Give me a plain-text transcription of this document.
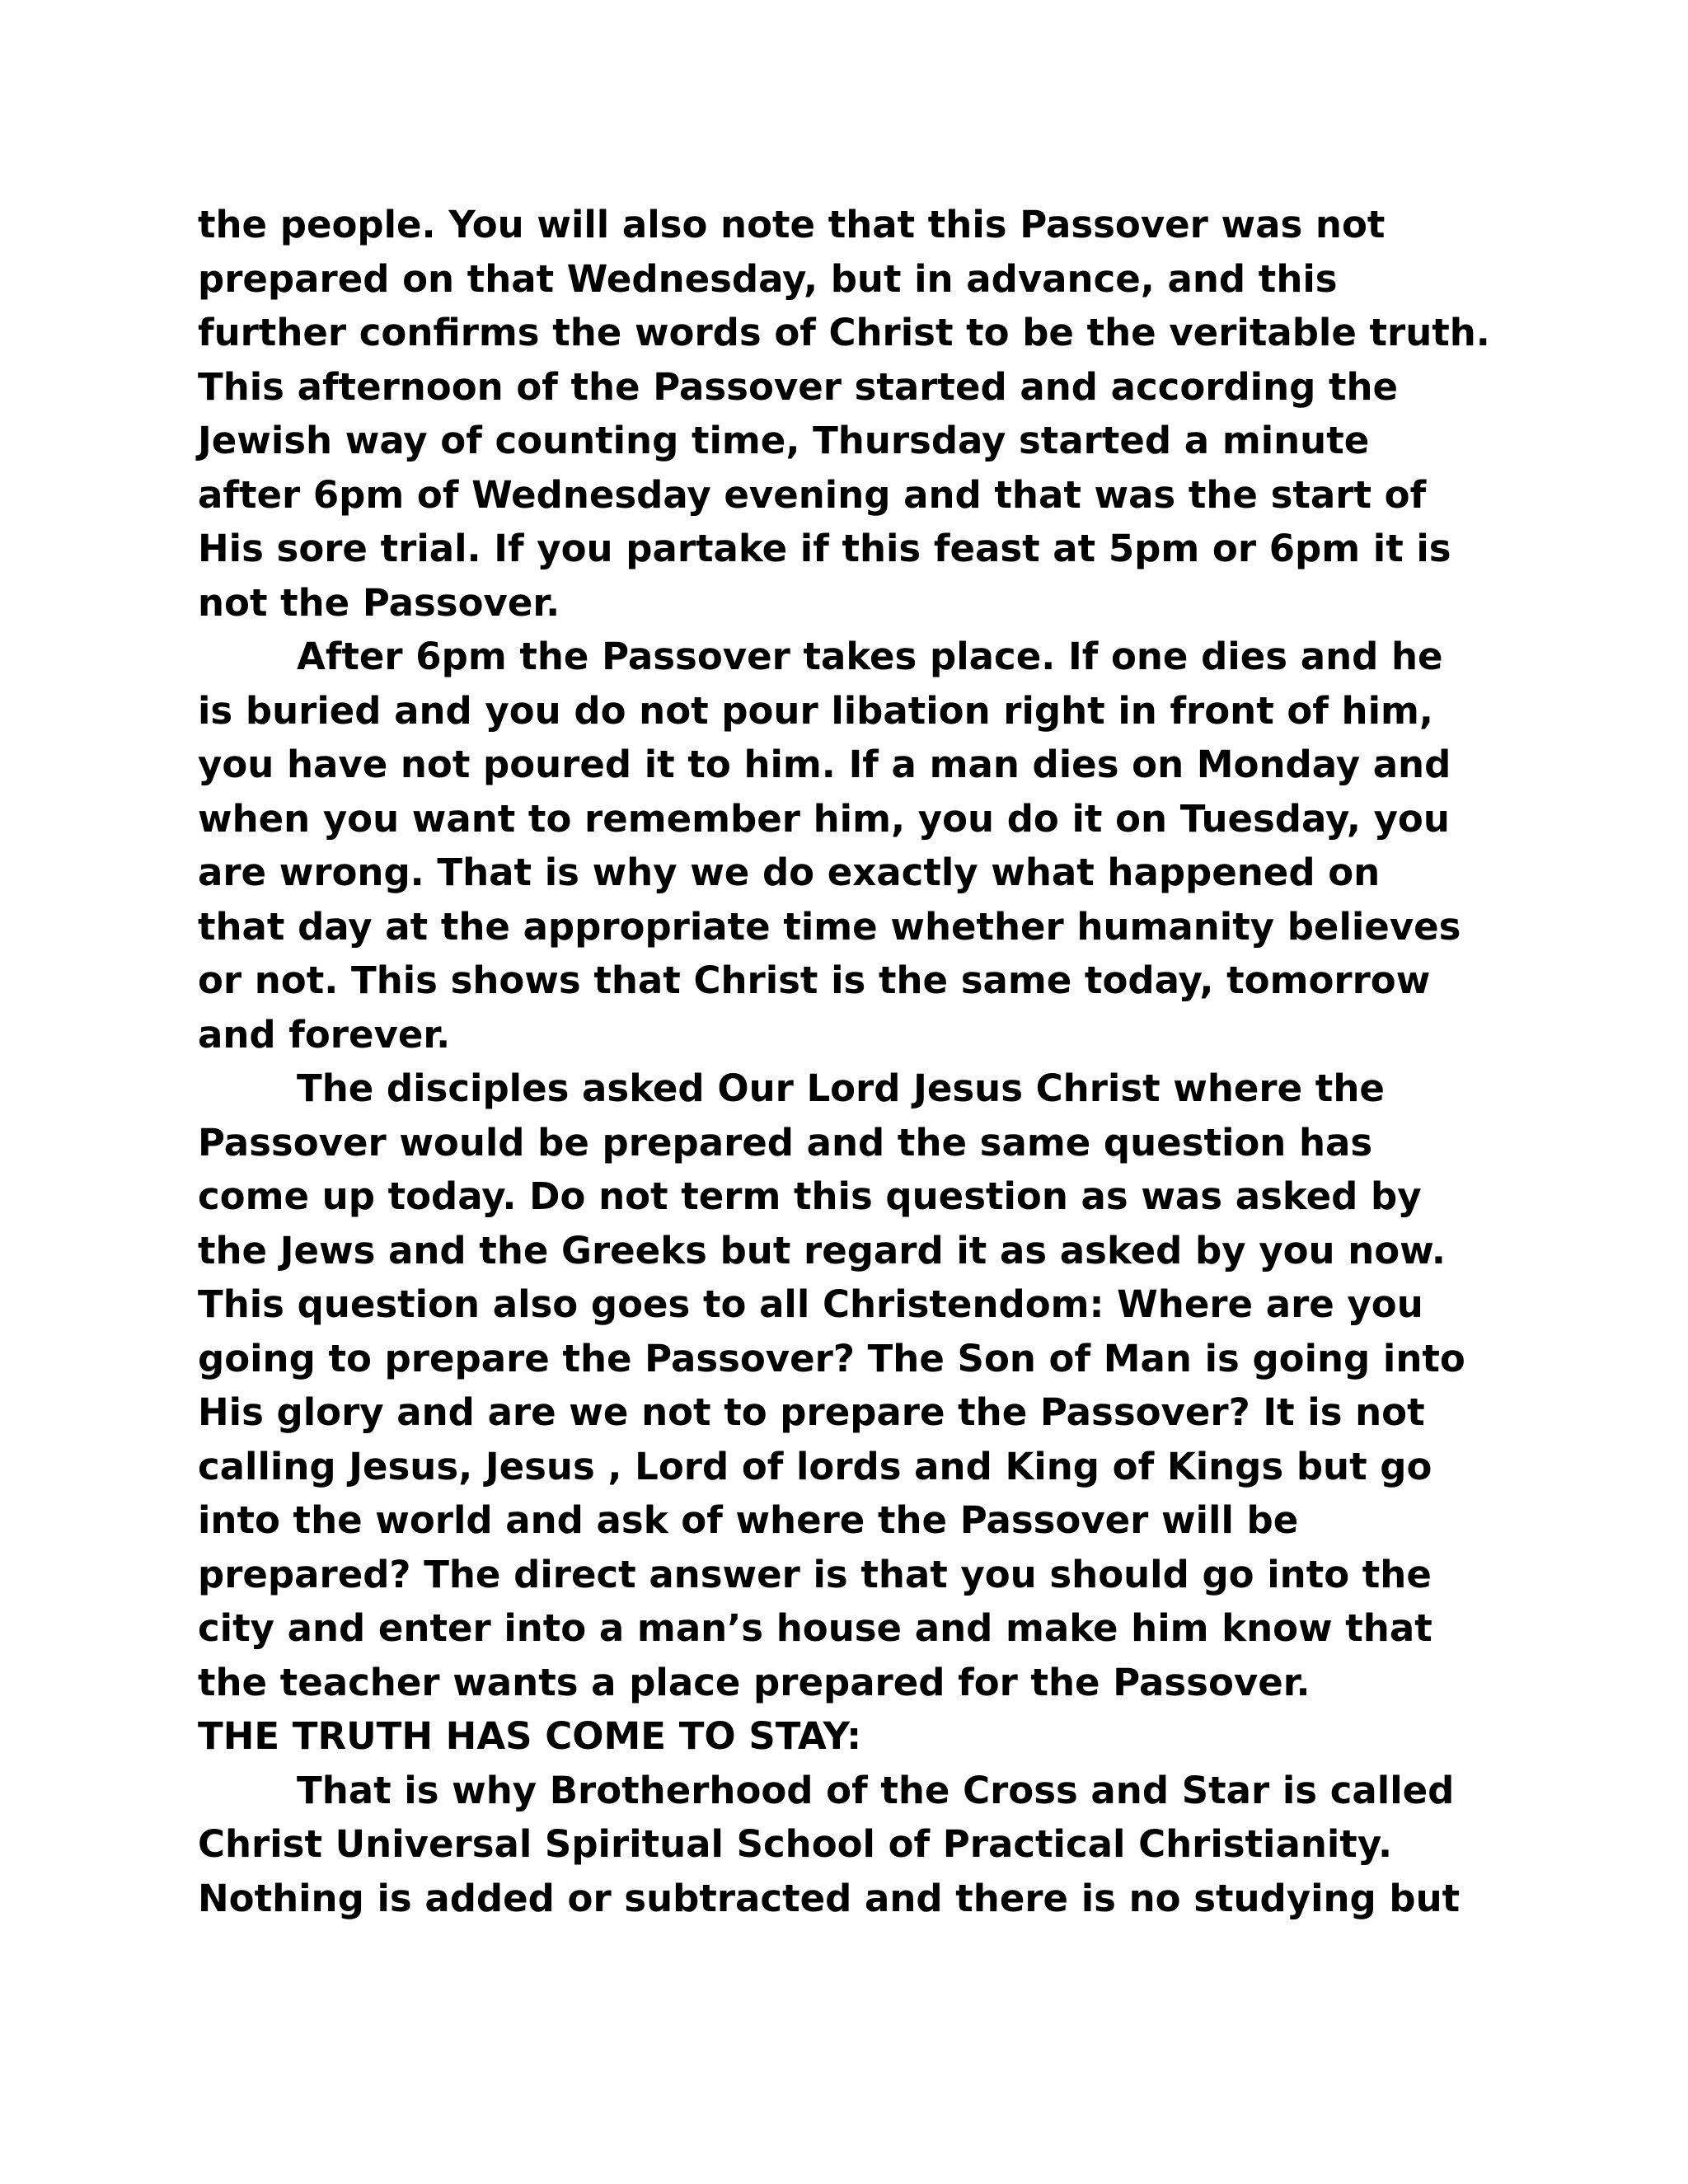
the people. You will also note that this Passover was not
prepared on that Wednesday, but in advance, and this
further confirms the words of Christ to be the veritable truth.
This afternoon of the Passover started and according the
Jewish way of counting time, Thursday started a minute
after 6pm of Wednesday evening and that was the start of
His sore trial. If you partake if this feast at 5pm or 6pm it is
not the Passover.
After 6pm the Passover takes place. If one dies and he
is buried and you do not pour libation right in front of him,
you have not poured it to him. If a man dies on Monday and
when you want to remember him, you do it on Tuesday, you
are wrong. That is why we do exactly what happened on
that day at the appropriate time whether humanity believes
or not. This shows that Christ is the same today, tomorrow
and forever.
The disciples asked Our Lord Jesus Christ where the
Passover would be prepared and the same question has
come up today. Do not term this question as was asked by
the Jews and the Greeks but regard it as asked by you now.
This question also goes to all Christendom: Where are you
going to prepare the Passover? The Son of Man is going into
His glory and are we not to prepare the Passover? It is not
calling Jesus, Jesus , Lord of lords and King of Kings but go
into the world and ask of where the Passover will be
prepared? The direct answer is that you should go into the
city and enter into a man’s house and make him know that
the teacher wants a place prepared for the Passover.
THE TRUTH HAS COME TO STAY:
That is why Brotherhood of the Cross and Star is called
Christ Universal Spiritual School of Practical Christianity.
Nothing is added or subtracted and there is no studying but
